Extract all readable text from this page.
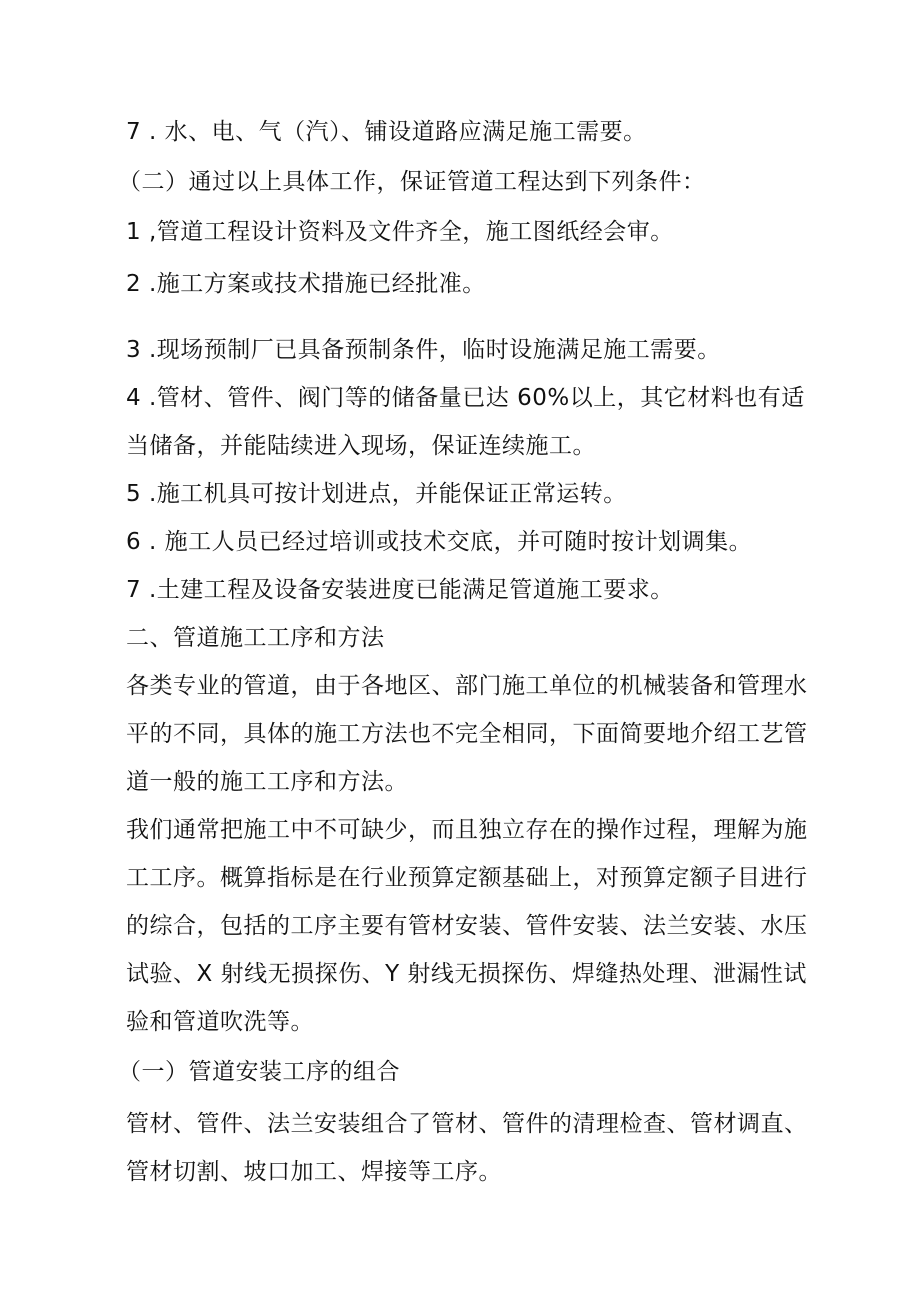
7 . 水、电、气（汽）、铺设道路应满足施工需要。

（二）通过以上具体工作，保证管道工程达到下列条件：

1 ,管道工程设计资料及文件齐全，施工图纸经会审。

2 .施工方案或技术措施已经批准。

3 .现场预制厂已具备预制条件，临时设施满足施工需要。

4 .管材、管件、阀门等的储备量已达 60%以上，其它材料也有适

当储备，并能陆续进入现场，保证连续施工。

5 .施工机具可按计划进点，并能保证正常运转。

6 . 施工人员已经过培训或技术交底，并可随时按计划调集。

7 .土建工程及设备安装进度已能满足管道施工要求。

二、管道施工工序和方法

各类专业的管道，由于各地区、部门施工单位的机械装备和管理水

平的不同，具体的施工方法也不完全相同，下面简要地介绍工艺管

道一般的施工工序和方法。

我们通常把施工中不可缺少，而且独立存在的操作过程，理解为施

工工序。概算指标是在行业预算定额基础上，对预算定额子目进行

的综合，包括的工序主要有管材安装、管件安装、法兰安装、水压

试验、X 射线无损探伤、Y 射线无损探伤、焊缝热处理、泄漏性试

验和管道吹洗等。

（一）管道安装工序的组合

管材、管件、法兰安装组合了管材、管件的清理检查、管材调直、

管材切割、坡口加工、焊接等工序。
